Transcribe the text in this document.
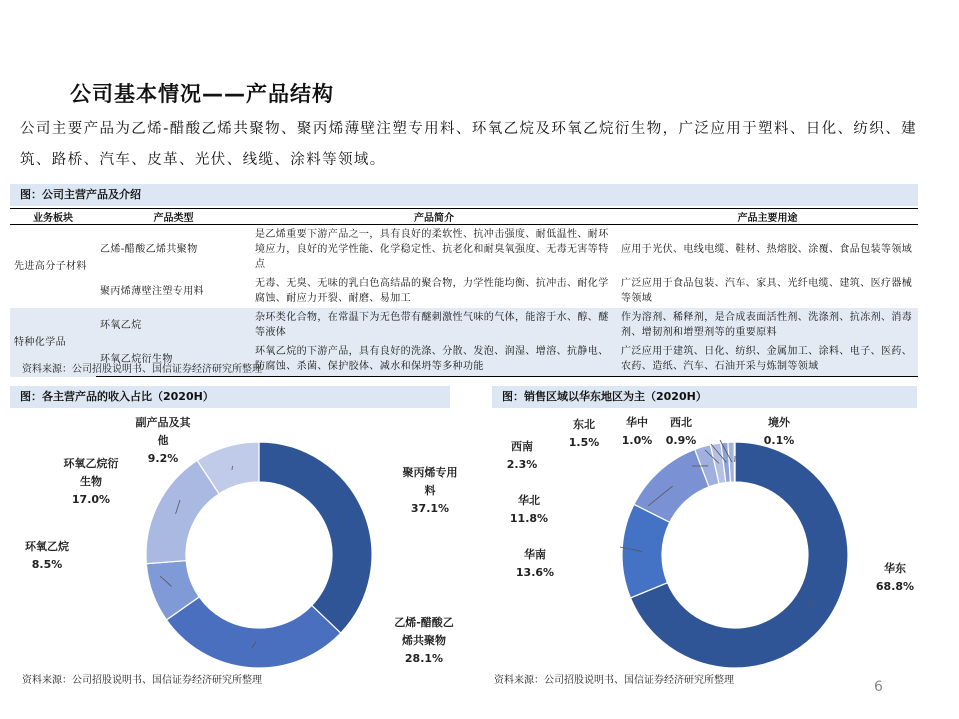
公司基本情况——产品结构
公司主要产品为乙烯-醋酸乙烯共聚物、聚丙烯薄壁注塑专用料、环氧乙烷及环氧乙烷衍生物，广泛应用于塑料、日化、纺织、建筑、路桥、汽车、皮革、光伏、线缆、涂料等领域。
图：公司主营产品及介绍
业务板块	产品类型	产品简介	产品主要用途
先进高分子材料	乙烯-醋酸乙烯共聚物	是乙烯重要下游产品之一，具有良好的柔软性、抗冲击强度、耐低温性、耐环境应力，良好的光学性能、化学稳定性、抗老化和耐臭氧强度、无毒无害等特点	应用于光伏、电线电缆、鞋材、热熔胶、涂覆、食品包装等领域
	聚丙烯薄壁注塑专用料	无毒、无臭、无味的乳白色高结晶的聚合物，力学性能均衡、抗冲击、耐化学腐蚀、耐应力开裂、耐磨、易加工	广泛应用于食品包装、汽车、家具、光纤电缆、建筑、医疗器械等领域
特种化学品	环氧乙烷	杂环类化合物，在常温下为无色带有醚刺激性气味的气体，能溶于水、醇、醚等液体	作为溶剂、稀释剂，是合成表面活性剂、洗涤剂、抗冻剂、消毒剂、增韧剂和增塑剂等的重要原料
	环氧乙烷衍生物	环氧乙烷的下游产品，具有良好的洗涤、分散、发泡、润湿、增溶、抗静电、防腐蚀、杀菌、保护胶体、减水和保坍等多种功能	广泛应用于建筑、日化、纺织、金属加工、涂料、电子、医药、农药、造纸、汽车、石油开采与炼制等领域
资料来源：公司招股说明书、国信证券经济研究所整理
图：各主营产品的收入占比（2020H）	图：销售区域以华东地区为主（2020H）
聚丙烯专用
料
37.1%
乙烯-醋酸乙
烯共聚物
28.1%
环氧乙烷
8.5%
环氧乙烷衍
生物
17.0%
副产品及其
他
9.2%
华东
68.8%
华南
13.6%
华北
11.8%
西南
2.3%
东北
1.5%
华中
1.0%
西北
0.9%
境外
0.1%
资料来源：公司招股说明书、国信证券经济研究所整理	资料来源：公司招股说明书、国信证券经济研究所整理	6
